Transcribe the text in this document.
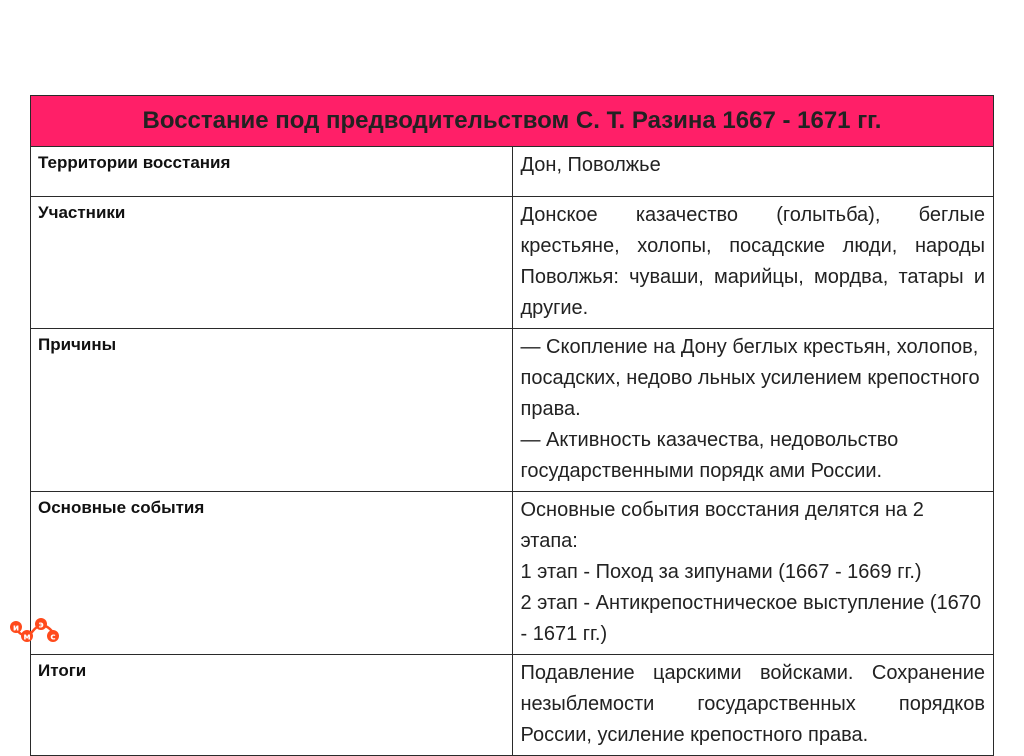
Восстание под предводительством С. Т. Разина 1667 - 1671 гг.	
Территории восстания	Дон, Поволжье

Участники	Донское казачество (голытьба), беглые крестьяне, холопы, посадские люди, народы Поволжья: чуваши, марийцы, мордва, татары и другие.

Причины	— Скопление на Дону беглых крестьян, холопов, посадских, недово льных усилением крепостного права.
— Активность казачества, недовольство государственными порядк ами России.

Основные события	Основные события восстания делятся на 2 этапа:
1 этап - Поход за зипунами (1667 - 1669 гг.)
2 этап - Антикрепостническое выступление (1670 - 1671 гг.)

Итоги	Подавление царскими войсками. Сохранение незыблемости государственных порядков России, усиление крепостного права.
и
м
э
с
